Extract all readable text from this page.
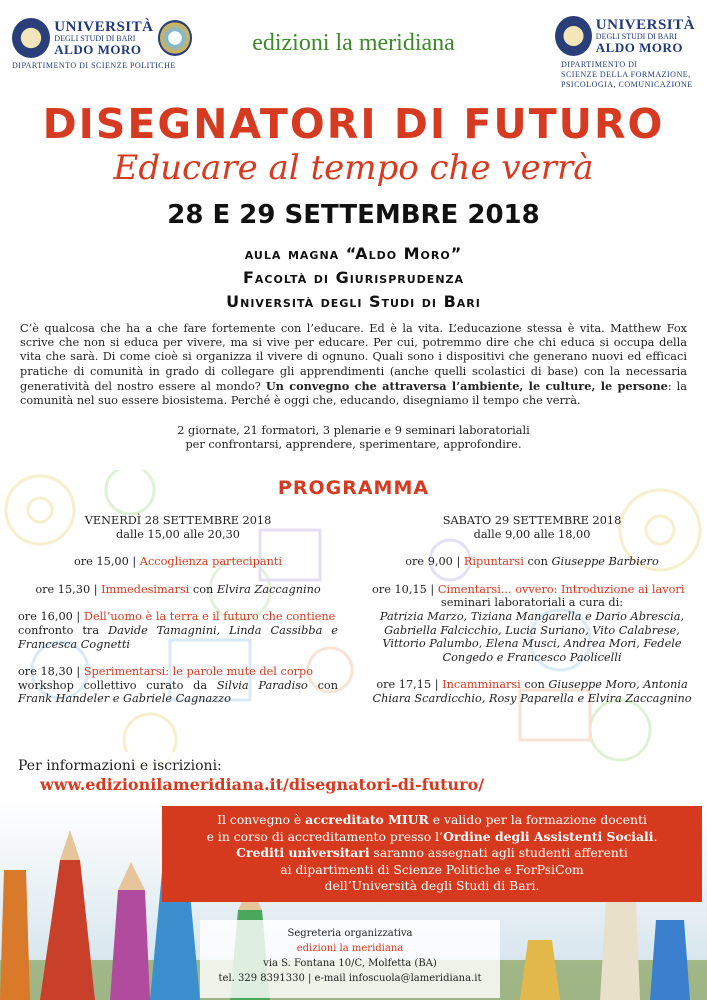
UNIVERSITÀ
DEGLI STUDI DI BARI
ALDO MORO
DIPARTIMENTO DI SCIENZE POLITICHE
edizioni la meridiana
UNIVERSITÀ
DEGLI STUDI DI BARI
ALDO MORO
DIPARTIMENTO DI
SCIENZE DELLA FORMAZIONE,
PSICOLOGIA, COMUNICAZIONE
DISEGNATORI DI FUTURO
Educare al tempo che verrà
28 E 29 SETTEMBRE 2018
aula magna “Aldo Moro”
Facoltà di Giurisprudenza
Università degli Studi di Bari
C’è qualcosa che ha a che fare fortemente con l’educare. Ed è la vita. L’educazione stessa è vita. Matthew Fox scrive che non si educa per vivere, ma si vive per educare. Per cui, potremmo dire che chi educa si occupa della vita che sarà. Di come cioè si organizza il vivere di ognuno. Quali sono i dispositivi che generano nuovi ed efficaci pratiche di comunità in grado di collegare gli apprendimenti (anche quelli scolastici di base) con la necessaria generatività del nostro essere al mondo? Un convegno che attraversa l’ambiente, le culture, le persone: la comunità nel suo essere biosistema. Perché è oggi che, educando, disegniamo il tempo che verrà.
2 giornate, 21 formatori, 3 plenarie e 9 seminari laboratoriali
per confrontarsi, apprendere, sperimentare, approfondire.
PROGRAMMA
VENERDÌ 28 SETTEMBRE 2018
dalle 15,00 alle 20,30
ore 15,00 | Accoglienza partecipanti
ore 15,30 | Immedesimarsi con Elvira Zaccagnino
ore 16,00 | Dell’uomo è la terra e il futuro che contiene
confronto tra Davide Tamagnini, Linda Cassibba e Francesca Cognetti
ore 18,30 | Sperimentarsi: le parole mute del corpo
workshop collettivo curato da Silvia Paradiso con Frank Handeler e Gabriele Cagnazzo
SABATO 29 SETTEMBRE 2018
dalle 9,00 alle 18,00
ore 9,00 | Ripuntarsi con Giuseppe Barbiero
ore 10,15 | Cimentarsi... ovvero: Introduzione ai lavori
seminari laboratoriali a cura di:
Patrizia Marzo, Tiziana Mangarella e Dario Abrescia, Gabriella Falcicchio, Lucia Suriano, Vito Calabrese, Vittorio Palumbo, Elena Musci, Andrea Mori, Fedele Congedo e Francesco Paolicelli
ore 17,15 | Incamminarsi con Giuseppe Moro, Antonia Chiara Scardicchio, Rosy Paparella e Elvira Zaccagnino
Per informazioni e iscrizioni:
www.edizionilameridiana.it/disegnatori-di-futuro/
Il convegno è accreditato MIUR e valido per la formazione docenti
e in corso di accreditamento presso l’Ordine degli Assistenti Sociali.
Crediti universitari saranno assegnati agli studenti afferenti
ai dipartimenti di Scienze Politiche e ForPsiCom
dell’Università degli Studi di Bari.
Segreteria organizzativa
edizioni la meridiana
via S. Fontana 10/C, Molfetta (BA)
tel. 329 8391330 | e-mail infoscuola@lameridiana.it
